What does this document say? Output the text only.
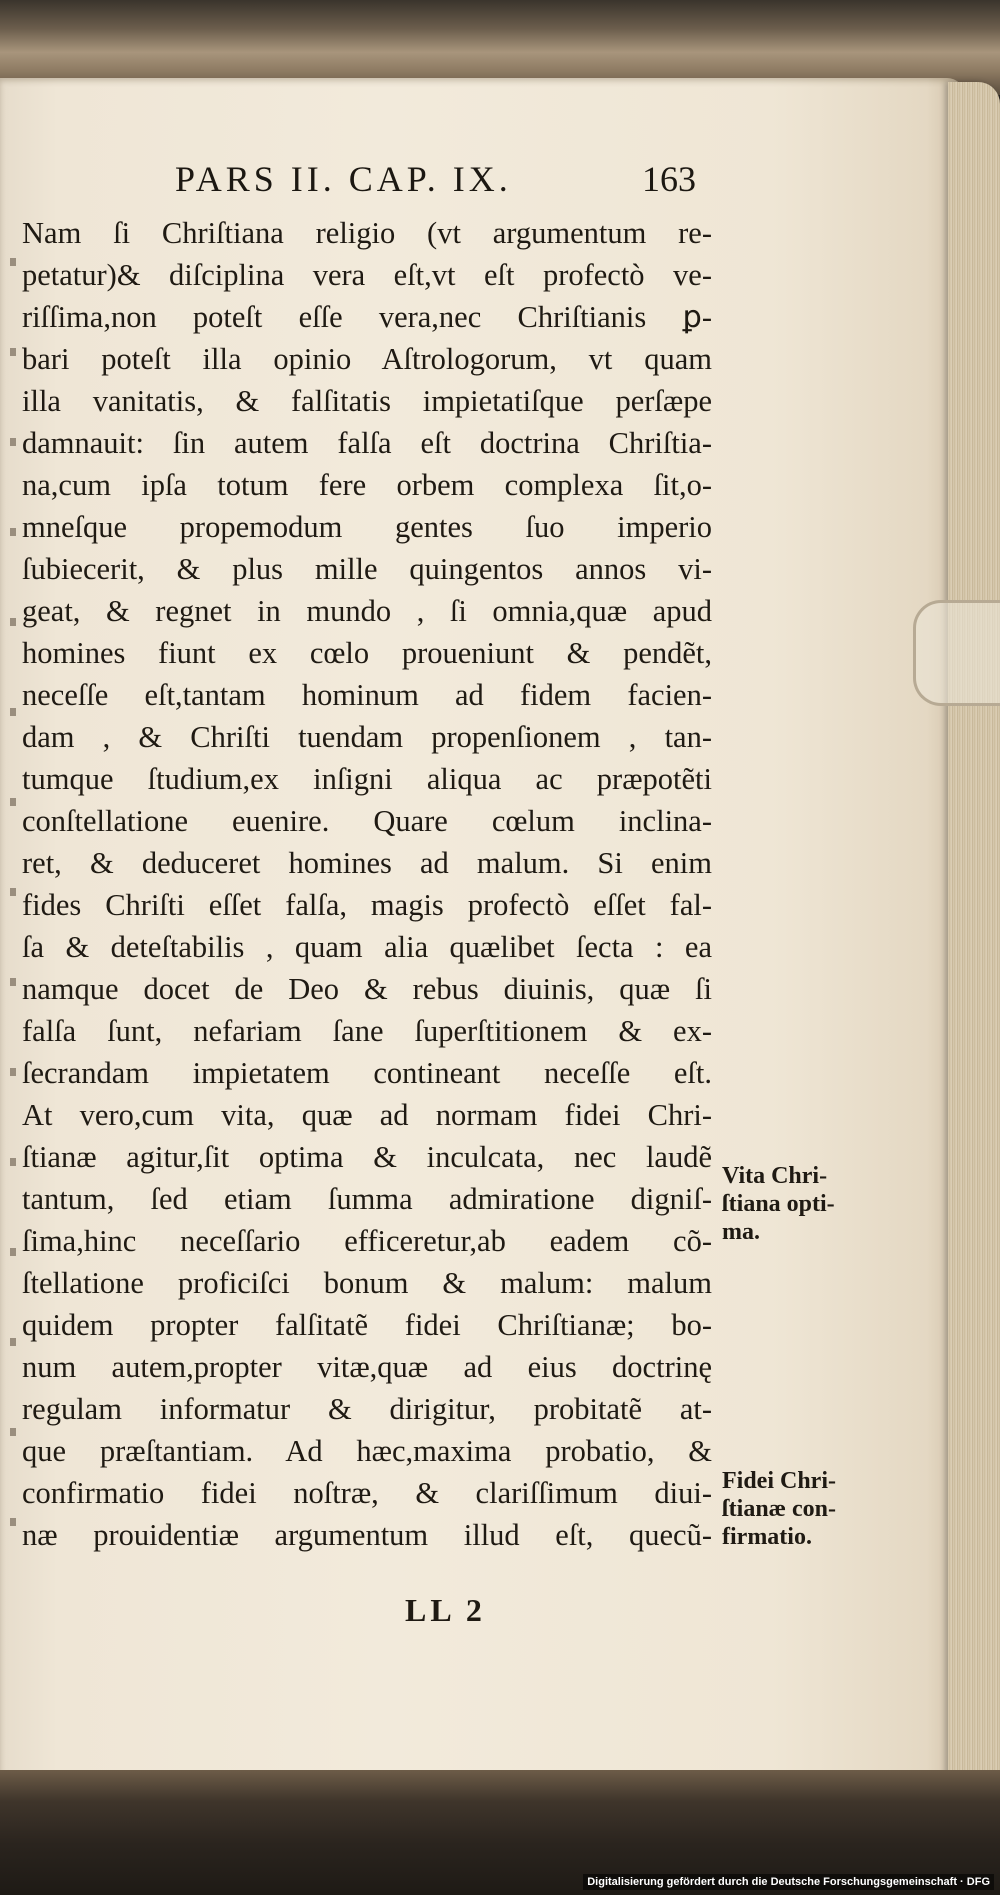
PARS II. CAP. IX.	163
Nam ſi Chriſtiana religio (vt argumentum re-
petatur)& diſciplina vera eſt,vt eſt profectò ve-
riſſima,non poteſt eſſe vera,nec Chriſtianis ꝑ-
bari poteſt illa opinio Aſtrologorum, vt quam
illa vanitatis, & falſitatis impietatiſque perſæpe
damnauit: ſin autem falſa eſt doctrina Chriſtia-
na,cum ipſa totum fere orbem complexa ſit,o-
mneſque propemodum gentes ſuo imperio
ſubiecerit, & plus mille quingentos annos vi-
geat, & regnet in mundo , ſi omnia,quæ apud
homines fiunt ex cœlo proueniunt & pendẽt,
neceſſe eſt,tantam hominum ad fidem facien-
dam , & Chriſti tuendam propenſionem , tan-
tumque ſtudium,ex inſigni aliqua ac præpotẽti
conſtellatione euenire. Quare cœlum inclina-
ret, & deduceret homines ad malum. Si enim
fides Chriſti eſſet falſa, magis profectò eſſet fal-
ſa & deteſtabilis , quam alia quælibet ſecta : ea
namque docet de Deo & rebus diuinis, quæ ſi
falſa ſunt, nefariam ſane ſuperſtitionem & ex-
ſecrandam impietatem contineant neceſſe eſt.
At vero,cum vita, quæ ad normam fidei Chri-
ſtianæ agitur,ſit optima & inculcata, nec laudẽ
tantum, ſed etiam ſumma admiratione digniſ-
ſima,hinc neceſſario efficeretur,ab eadem cõ-
ſtellatione proficiſci bonum & malum: malum
quidem propter falſitatẽ fidei Chriſtianæ; bo-
num autem,propter vitæ,quæ ad eius doctrinę
regulam informatur & dirigitur, probitatẽ at-
que præſtantiam. Ad hæc,maxima probatio, &
confirmatio fidei noſtræ, & clariſſimum diui-
næ prouidentiæ argumentum illud eſt, quecũ-
Vita Chri-
ſtiana opti-
ma.
Fidei Chri-
ſtianæ con-
firmatio.
LL 2
Digitalisierung gefördert durch die Deutsche Forschungsgemeinschaft · DFG
